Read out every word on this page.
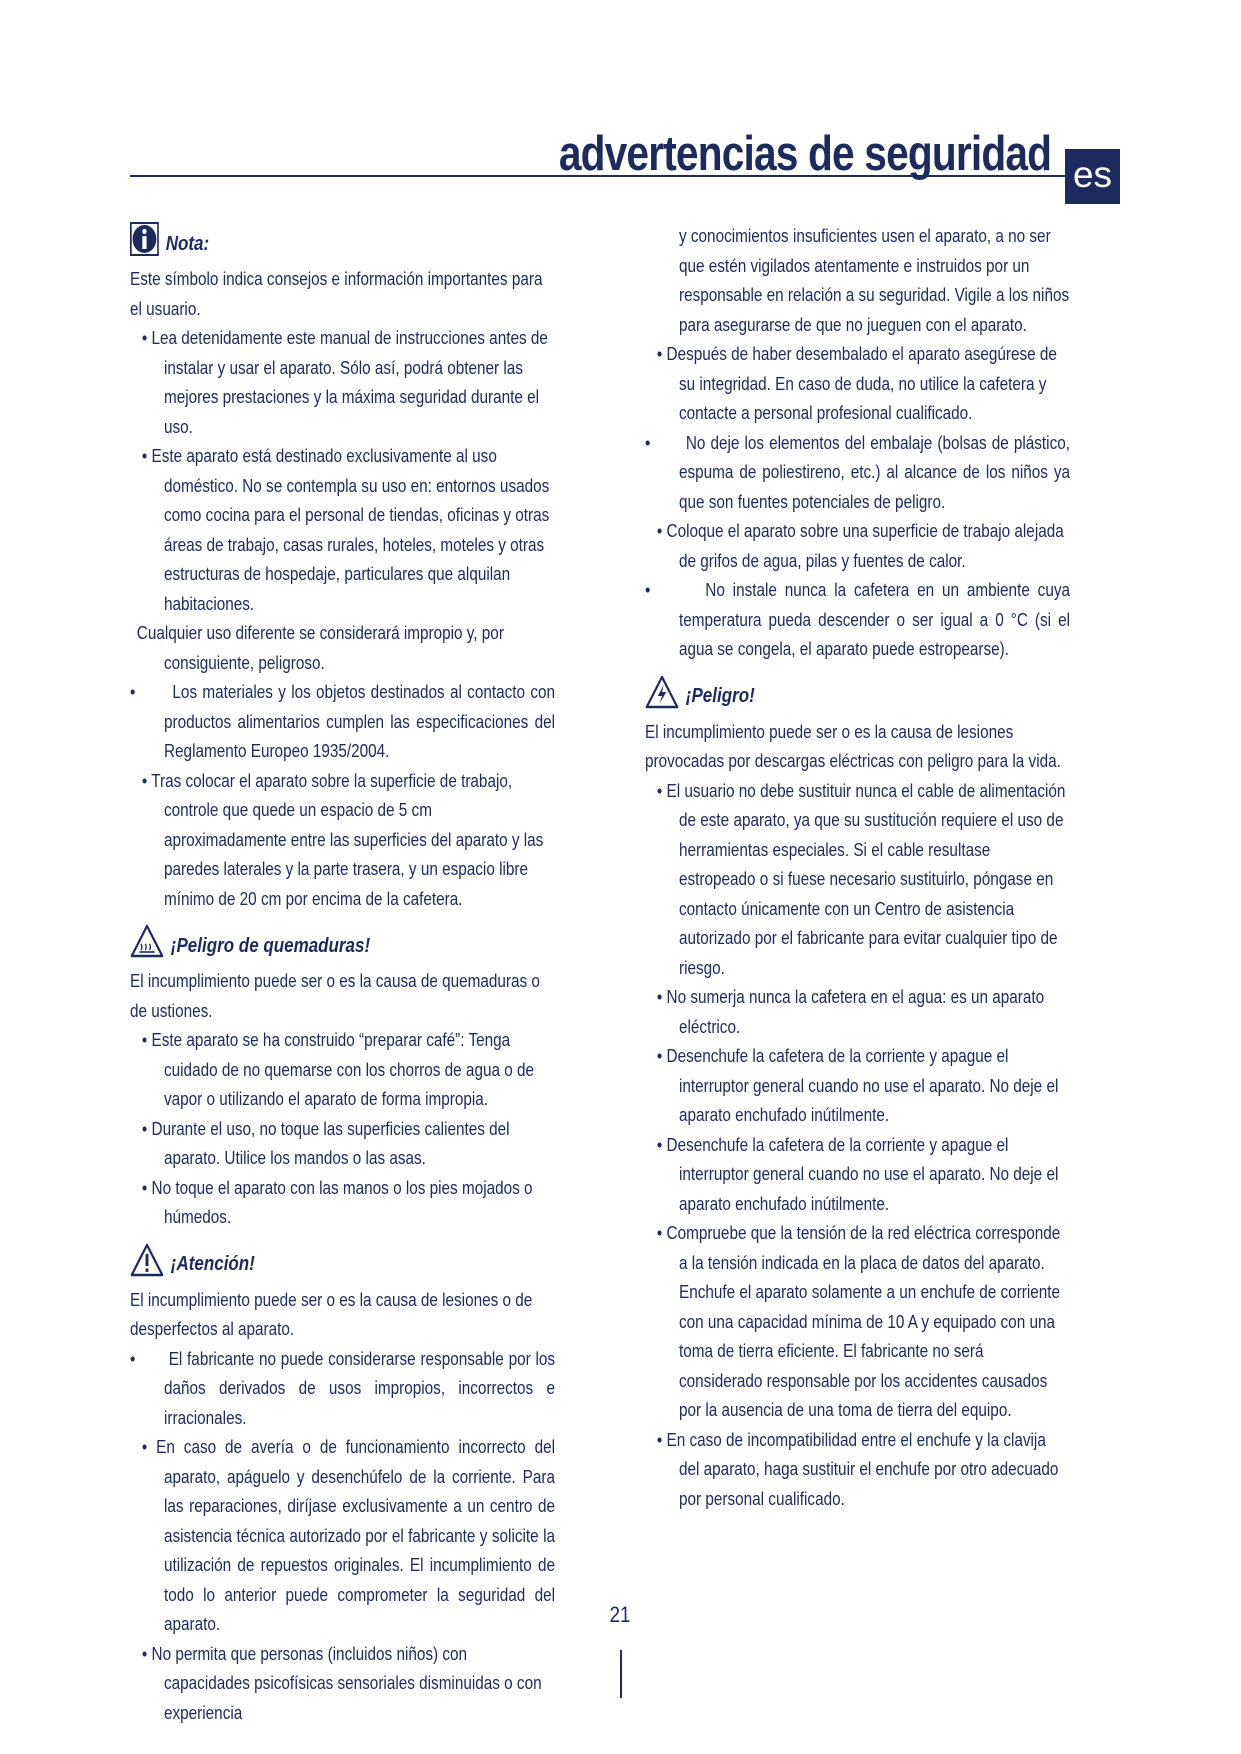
advertencias de seguridad es
Nota:

Este símbolo indica consejos e información importantes para el usuario.

• Lea detenidamente este manual de instrucciones antes de instalar y usar el aparato. Sólo así, podrá obtener las mejores prestaciones y la máxima seguridad durante el uso.

• Este aparato está destinado exclusivamente al uso doméstico. No se contempla su uso en: entornos usados como cocina para el personal de tiendas, oficinas y otras áreas de trabajo, casas rurales, hoteles, moteles y otras estructuras de hospedaje, particulares que alquilan habitaciones.

Cualquier uso diferente se considerará impropio y, por consiguiente, peligroso.

•       Los materiales y los objetos destinados al contacto con productos alimentarios cumplen las especificaciones del Reglamento Europeo 1935/2004.

• Tras colocar el aparato sobre la superficie de trabajo, controle que quede un espacio de 5 cm aproximadamente entre las superficies del aparato y las paredes laterales y la parte trasera, y un espacio libre mínimo de 20 cm por encima de la cafetera.

¡Peligro de quemaduras!

El incumplimiento puede ser o es la causa de quemaduras o de ustiones.

• Este aparato se ha construido “preparar café”: Tenga cuidado de no quemarse con los chorros de agua o de vapor o utilizando el aparato de forma impropia.

• Durante el uso, no toque las superficies calientes del aparato. Utilice los mandos o las asas.

• No toque el aparato con las manos o los pies mojados o húmedos.

¡Atención!

El incumplimiento puede ser o es la causa de lesiones o de desperfectos al aparato.

•       El fabricante no puede considerarse responsable por los daños derivados de usos impropios, incorrectos e irracionales.

• En caso de avería o de funcionamiento incorrecto del aparato, apáguelo y desenchúfelo de la corriente. Para las reparaciones, diríjase exclusivamente a un centro de asistencia técnica autorizado por el fabricante y solicite la utilización de repuestos originales. El incumplimiento de todo lo anterior puede comprometer la seguridad del aparato.

• No permita que personas (incluidos niños) con capacidades psicofísicas sensoriales disminuidas o con experiencia

y conocimientos insuficientes usen el aparato, a no ser que estén vigilados atentamente e instruidos por un responsable en relación a su seguridad. Vigile a los niños para asegurarse de que no jueguen con el aparato.

• Después de haber desembalado el aparato asegúrese de su integridad. En caso de duda, no utilice la cafetera y contacte a personal profesional cualificado.

•       No deje los elementos del embalaje (bolsas de plástico, espuma de poliestireno, etc.) al alcance de los niños ya que son fuentes potenciales de peligro.

• Coloque el aparato sobre una superficie de trabajo alejada de grifos de agua, pilas y fuentes de calor.

•       No instale nunca la cafetera en un ambiente cuya temperatura pueda descender o ser igual a 0 °C (si el agua se congela, el aparato puede estropearse).

¡Peligro!

El incumplimiento puede ser o es la causa de lesiones provocadas por descargas eléctricas con peligro para la vida.

• El usuario no debe sustituir nunca el cable de alimentación de este aparato, ya que su sustitución requiere el uso de herramientas especiales. Si el cable resultase estropeado o si fuese necesario sustituirlo, póngase en contacto únicamente con un Centro de asistencia autorizado por el fabricante para evitar cualquier tipo de riesgo.

• No sumerja nunca la cafetera en el agua: es un aparato eléctrico.

• Desenchufe la cafetera de la corriente y apague el interruptor general cuando no use el aparato. No deje el aparato enchufado inútilmente.

• Desenchufe la cafetera de la corriente y apague el interruptor general cuando no use el aparato. No deje el aparato enchufado inútilmente.

• Compruebe que la tensión de la red eléctrica corresponde a la tensión indicada en la placa de datos del aparato. Enchufe el aparato solamente a un enchufe de corriente con una capacidad mínima de 10 A y equipado con una toma de tierra eficiente. El fabricante no será considerado responsable por los accidentes causados por la ausencia de una toma de tierra del equipo.

• En caso de incompatibilidad entre el enchufe y la clavija del aparato, haga sustituir el enchufe por otro adecuado por personal cualificado.

21
